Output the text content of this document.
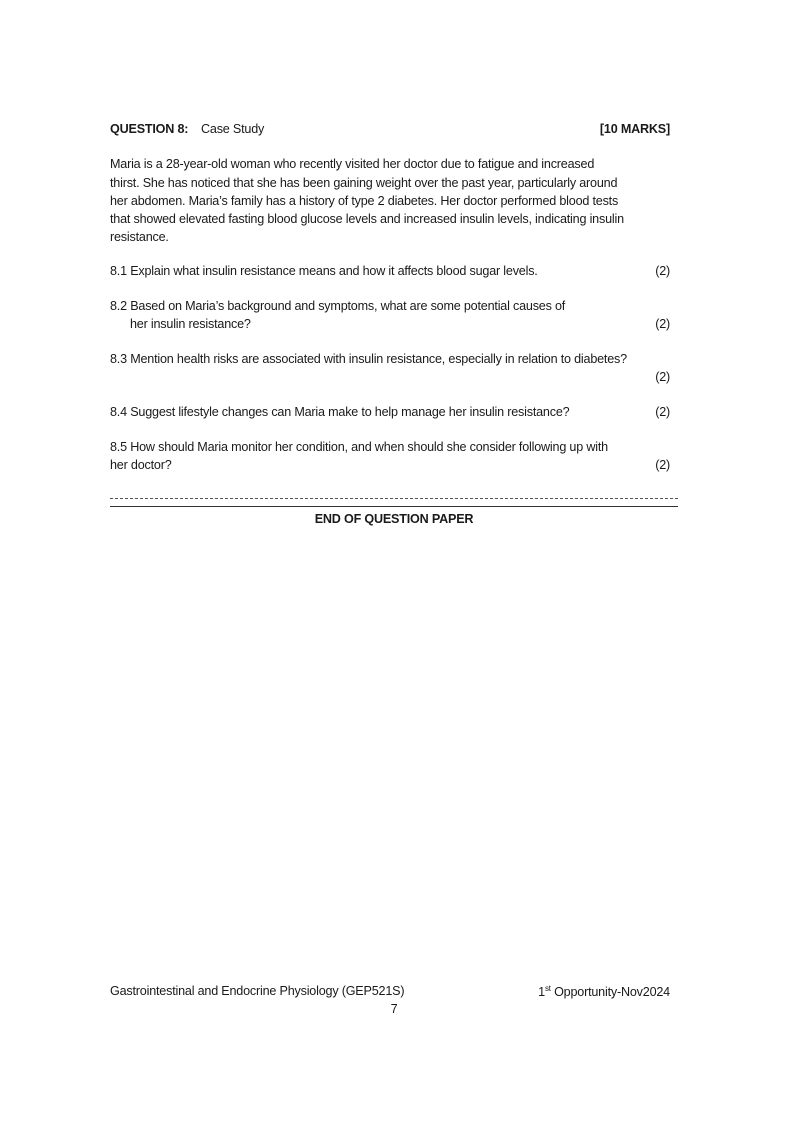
QUESTION 8: Case Study	[10 MARKS]
Maria is a 28-year-old woman who recently visited her doctor due to fatigue and increased
thirst. She has noticed that she has been gaining weight over the past year, particularly around
her abdomen. Maria’s family has a history of type 2 diabetes. Her doctor performed blood tests
that showed elevated fasting blood glucose levels and increased insulin levels, indicating insulin
resistance.
8.1 Explain what insulin resistance means and how it affects blood sugar levels.	(2)
8.2 Based on Maria’s background and symptoms, what are some potential causes of
her insulin resistance?	(2)
8.3 Mention health risks are associated with insulin resistance, especially in relation to diabetes?
(2)
8.4 Suggest lifestyle changes can Maria make to help manage her insulin resistance?	(2)
8.5 How should Maria monitor her condition, and when should she consider following up with
her doctor?	(2)
END OF QUESTION PAPER
Gastrointestinal and Endocrine Physiology (GEP521S)	1st Opportunity-Nov2024
7
